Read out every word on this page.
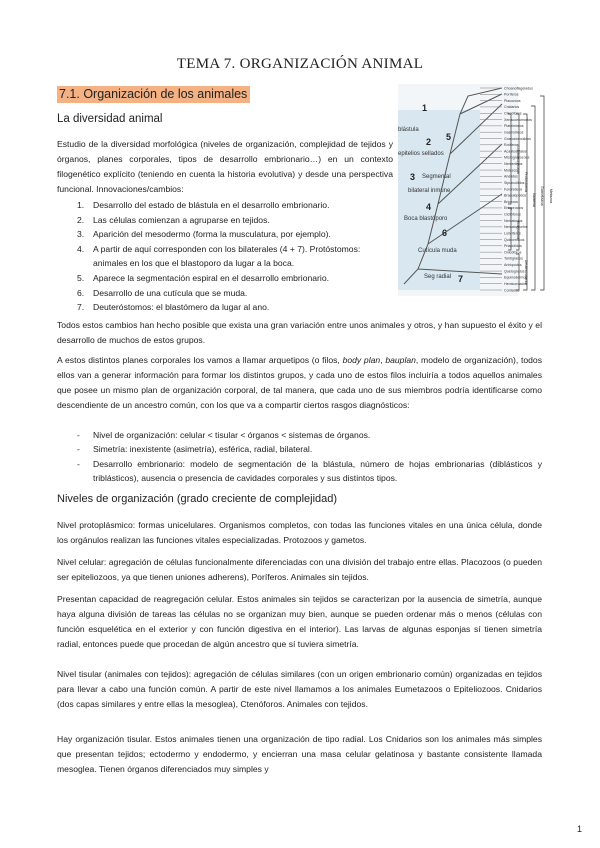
TEMA 7. ORGANIZACIÓN ANIMAL
7.1. Organización de los animales
La diversidad animal
Estudio de la diversidad morfológica (niveles de organización, complejidad de tejidos y órganos, planes corporales, tipos de desarrollo embrionario…) en un contexto filogenético explícito (teniendo en cuenta la historia evolutiva) y desde una perspectiva funcional. Innovaciones/cambios:
1. Desarrollo del estado de blástula en el desarrollo embrionario.
2. Las células comienzan a agruparse en tejidos.
3. Aparición del mesodermo (forma la musculatura, por ejemplo).
4. A partir de aquí corresponden con los bilaterales (4 + 7). Protóstomos: animales en los que el blastoporo da lugar a la boca.
5. Aparece la segmentación espiral en el desarrollo embrionario.
6. Desarrollo de una cutícula que se muda.
7. Deuteróstomos: el blastómero da lugar al ano.
1
2
3
4
5
6
7
blástula
epitelios sellados
Segmental
bilateral inmune
Boca blastóporo
Cutícula muda
Seg radial
Choanoflagelados
Poríferos
Placozoos
Cnidarios
Ctenóforos
Xenacoelomorfos
Platelmintos
Gastrotricos
Gnatostomúlidos
Rotíferos
Acantocéfalos
Micrognatozoos
Nemertinos
Moluscos
Anélidos
Sipuncúlidos
Foronídeos
Braquiópodos
Briozoos
Entoproctos
Ciclióforos
Nematodos
Nematomorfos
Loricíferos
Quinorrincos
Priapúlidos
Onicóforos
Tardígrados
Artrópodos
Quetognatos
Equinodermos
Hemicordados
Cordados
Metazoa
Eumetazoa
Bilateria
Protostomia
Lophotrochozoa
Ecdysozoa
Deuterostomia
Todos estos cambios han hecho posible que exista una gran variación entre unos animales y otros, y han supuesto el éxito y el desarrollo de muchos de estos grupos.
A estos distintos planes corporales los vamos a llamar arquetipos (o filos, body plan, bauplan, modelo de organización), todos ellos van a generar información para formar los distintos grupos, y cada uno de estos filos incluiría a todos aquellos animales que posee un mismo plan de organización corporal, de tal manera, que cada uno de sus miembros podría identificarse como descendiente de un ancestro común, con los que va a compartir ciertos rasgos diagnósticos:
- Nivel de organización: celular < tisular < órganos < sistemas de órganos.
- Simetría: inexistente (asimetría), esférica, radial, bilateral.
- Desarrollo embrionario: modelo de segmentación de la blástula, número de hojas embrionarias (diblásticos y triblásticos), ausencia o presencia de cavidades corporales y sus distintos tipos.
Niveles de organización (grado creciente de complejidad)
Nivel protoplásmico: formas unicelulares. Organismos completos, con todas las funciones vitales en una única célula, donde los orgánulos realizan las funciones vitales especializadas. Protozoos y gametos.
Nivel celular: agregación de células funcionalmente diferenciadas con una división del trabajo entre ellas. Placozoos (o pueden ser epiteliozoos, ya que tienen uniones adherens), Poríferos. Animales sin tejidos.
Presentan capacidad de reagregación celular. Estos animales sin tejidos se caracterizan por la ausencia de simetría, aunque haya alguna división de tareas las células no se organizan muy bien, aunque se pueden ordenar más o menos (células con función esquelética en el exterior y con función digestiva en el interior). Las larvas de algunas esponjas sí tienen simetría radial, entonces puede que procedan de algún ancestro que sí tuviera simetría.
Nivel tisular (animales con tejidos): agregación de células similares (con un origen embrionario común) organizadas en tejidos para llevar a cabo una función común. A partir de este nivel llamamos a los animales Eumetazoos o Epiteliozoos. Cnidarios (dos capas similares y entre ellas la mesoglea), Ctenóforos. Animales con tejidos.
Hay organización tisular. Estos animales tienen una organización de tipo radial. Los Cnidarios son los animales más simples que presentan tejidos; ectodermo y endodermo, y encierran una masa celular gelatinosa y bastante consistente llamada mesoglea. Tienen órganos diferenciados muy simples y
1
